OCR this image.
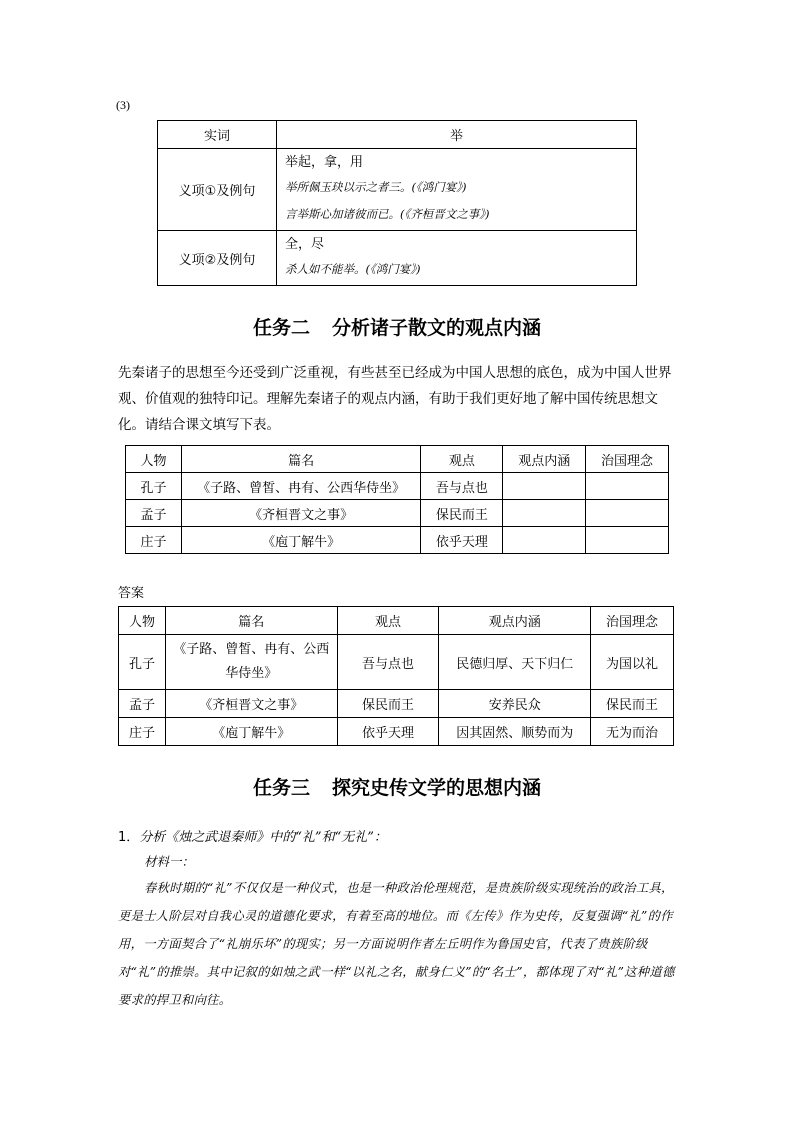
(3)
实词	举
义项①及例句	举起，拿，用
举所佩玉玦以示之者三。(《鸿门宴》)
言举斯心加诸彼而已。(《齐桓晋文之事》)

义项②及例句	全，尽
杀人如不能举。(《鸿门宴》)
任务二 分析诸子散文的观点内涵
先秦诸子的思想至今还受到广泛重视，有些甚至已经成为中国人思想的底色，成为中国人世界观、价值观的独特印记。理解先秦诸子的观点内涵，有助于我们更好地了解中国传统思想文化。请结合课文填写下表。
人物	篇名	观点	观点内涵	治国理念
孔子	《子路、曾皙、冉有、公西华侍坐》	吾与点也		
孟子	《齐桓晋文之事》	保民而王		
庄子	《庖丁解牛》	依乎天理		
答案
人物	篇名	观点	观点内涵	治国理念
孔子	《子路、曾皙、冉有、公西华侍坐》	吾与点也	民德归厚、天下归仁	为国以礼
孟子	《齐桓晋文之事》	保民而王	安养民众	保民而王
庄子	《庖丁解牛》	依乎天理	因其固然、顺势而为	无为而治
任务三 探究史传文学的思想内涵
1．分析《烛之武退秦师》中的“礼”和“无礼”：
材料一：
春秋时期的“礼”不仅仅是一种仪式，也是一种政治伦理规范，是贵族阶级实现统治的政治工具，更是士人阶层对自我心灵的道德化要求，有着至高的地位。而《左传》作为史传，反复强调“礼”的作用，一方面契合了“礼崩乐坏”的现实；另一方面说明作者左丘明作为鲁国史官，代表了贵族阶级对“礼”的推崇。其中记叙的如烛之武一样“以礼之名，献身仁义”的“名士”，都体现了对“礼”这种道德要求的捍卫和向往。
